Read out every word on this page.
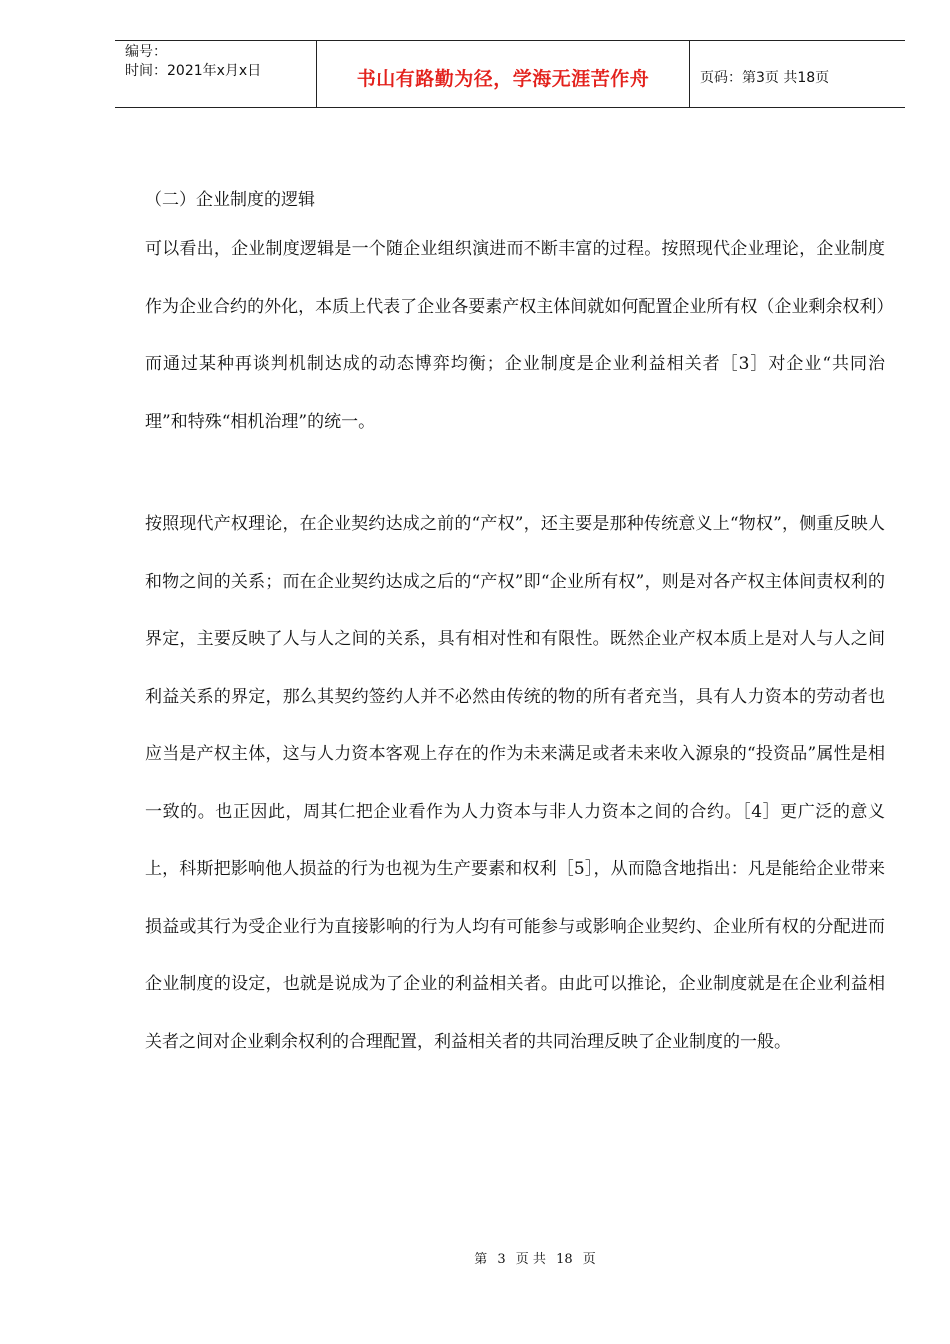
编号：
时间：2021年x月x日	书山有路勤为径，学海无涯苦作舟	页码：第3页 共18页
（二）企业制度的逻辑

可以看出，企业制度逻辑是一个随企业组织演进而不断丰富的过程。按照现代企业理论，企业制度作为企业合约的外化，本质上代表了企业各要素产权主体间就如何配置企业所有权（企业剩余权利）而通过某种再谈判机制达成的动态博弈均衡；企业制度是企业利益相关者［3］对企业“共同治理”和特殊“相机治理”的统一。

按照现代产权理论，在企业契约达成之前的“产权”，还主要是那种传统意义上“物权”，侧重反映人和物之间的关系；而在企业契约达成之后的“产权”即“企业所有权”，则是对各产权主体间责权利的界定，主要反映了人与人之间的关系，具有相对性和有限性。既然企业产权本质上是对人与人之间利益关系的界定，那么其契约签约人并不必然由传统的物的所有者充当，具有人力资本的劳动者也应当是产权主体，这与人力资本客观上存在的作为未来满足或者未来收入源泉的“投资品”属性是相一致的。也正因此，周其仁把企业看作为人力资本与非人力资本之间的合约。［4］更广泛的意义上，科斯把影响他人损益的行为也视为生产要素和权利［5］，从而隐含地指出：凡是能给企业带来损益或其行为受企业行为直接影响的行为人均有可能参与或影响企业契约、企业所有权的分配进而企业制度的设定，也就是说成为了企业的利益相关者。由此可以推论，企业制度就是在企业利益相关者之间对企业剩余权利的合理配置，利益相关者的共同治理反映了企业制度的一般。

第 3 页 共 18 页
